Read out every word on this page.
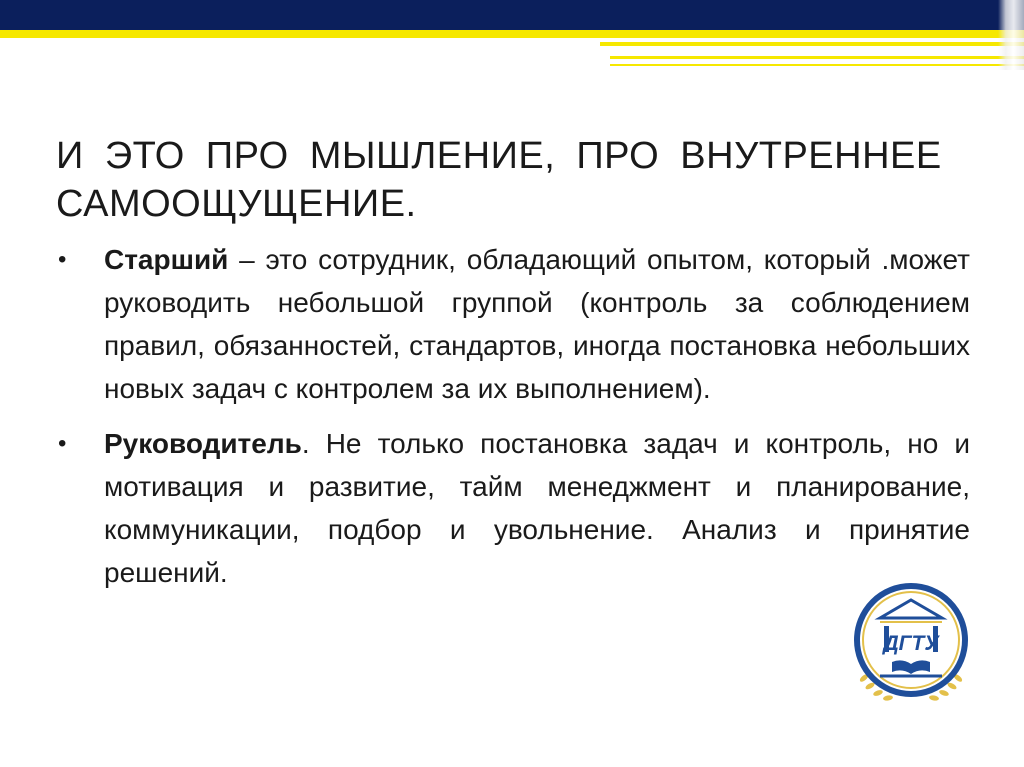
И ЭТО ПРО МЫШЛЕНИЕ, ПРО ВНУТРЕННЕЕ САМООЩУЩЕНИЕ.
• Старший – это сотрудник, обладающий опытом, который .может руководить небольшой группой (контроль за соблюдением правил, обязанностей, стандартов, иногда постановка небольших новых задач с контролем за их выполнением).
• Руководитель. Не только постановка задач и контроль, но и мотивация и развитие, тайм менеджмент и планирование, коммуникации, подбор и увольнение. Анализ и принятие решений.
ДГТУ
